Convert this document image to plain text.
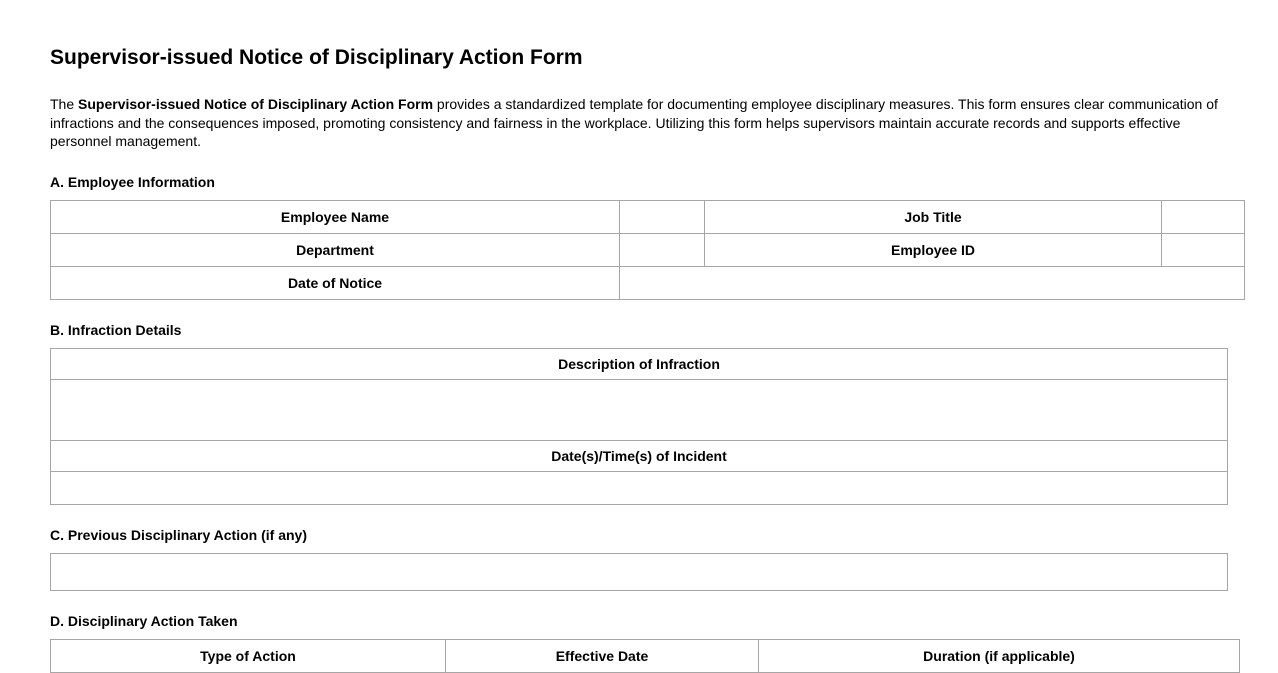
Supervisor-issued Notice of Disciplinary Action Form

The Supervisor-issued Notice of Disciplinary Action Form provides a standardized template for documenting employee disciplinary measures. This form ensures clear communication of infractions and the consequences imposed, promoting consistency and fairness in the workplace. Utilizing this form helps supervisors maintain accurate records and supports effective personnel management.

A. Employee Information
Employee Name		Job Title	
Department		Employee ID	
Date of Notice			
B. Infraction Details
Description of Infraction

Date(s)/Time(s) of Incident

C. Previous Disciplinary Action (if any)
D. Disciplinary Action Taken
Type of Action	Effective Date	Duration (if applicable)
